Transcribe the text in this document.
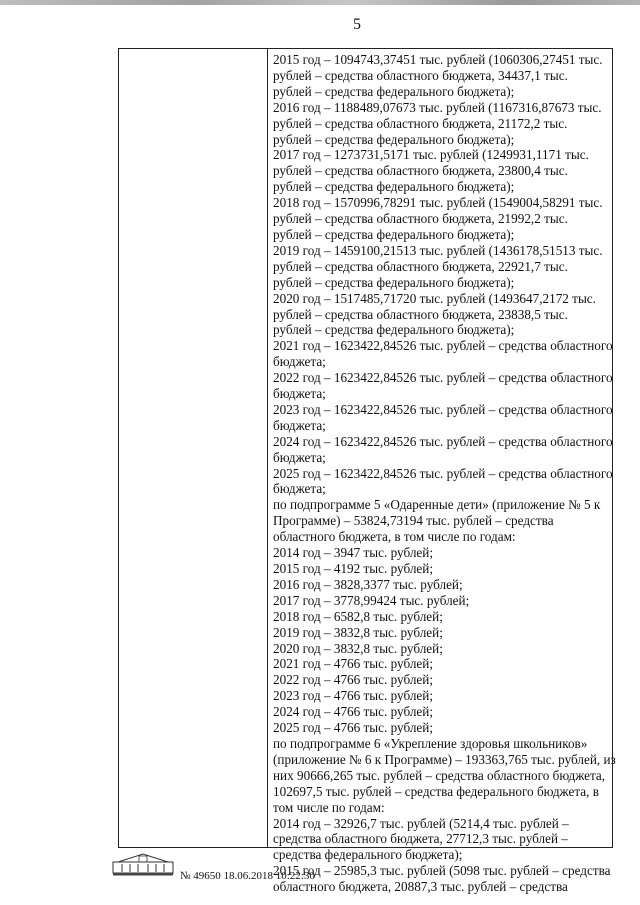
5
2015 год – 1094743,37451 тыс. рублей (1060306,27451 тыс.
рублей – средства областного бюджета, 34437,1 тыс.
рублей – средства федерального бюджета);
2016 год – 1188489,07673 тыс. рублей (1167316,87673 тыс.
рублей – средства областного бюджета, 21172,2 тыс.
рублей – средства федерального бюджета);
2017 год – 1273731,5171 тыс. рублей (1249931,1171 тыс.
рублей – средства областного бюджета, 23800,4 тыс.
рублей – средства федерального бюджета);
2018 год – 1570996,78291 тыс. рублей (1549004,58291 тыс.
рублей – средства областного бюджета, 21992,2 тыс.
рублей – средства федерального бюджета);
2019 год – 1459100,21513 тыс. рублей (1436178,51513 тыс.
рублей – средства областного бюджета, 22921,7 тыс.
рублей – средства федерального бюджета);
2020 год – 1517485,71720 тыс. рублей (1493647,2172 тыс.
рублей – средства областного бюджета, 23838,5 тыс.
рублей – средства федерального бюджета);
2021 год – 1623422,84526 тыс. рублей – средства областного
бюджета;
2022 год – 1623422,84526 тыс. рублей – средства областного
бюджета;
2023 год – 1623422,84526 тыс. рублей – средства областного
бюджета;
2024 год – 1623422,84526 тыс. рублей – средства областного
бюджета;
2025 год – 1623422,84526 тыс. рублей – средства областного
бюджета;
по подпрограмме 5 «Одаренные дети» (приложение № 5 к
Программе) – 53824,73194 тыс. рублей – средства
областного бюджета, в том числе по годам:
2014 год – 3947 тыс. рублей;
2015 год – 4192 тыс. рублей;
2016 год – 3828,3377 тыс. рублей;
2017 год – 3778,99424 тыс. рублей;
2018 год – 6582,8 тыс. рублей;
2019 год – 3832,8 тыс. рублей;
2020 год – 3832,8 тыс. рублей;
2021 год – 4766 тыс. рублей;
2022 год – 4766 тыс. рублей;
2023 год – 4766 тыс. рублей;
2024 год – 4766 тыс. рублей;
2025 год – 4766 тыс. рублей;
по подпрограмме 6 «Укрепление здоровья школьников»
(приложение № 6 к Программе) – 193363,765 тыс. рублей, из
них 90666,265 тыс. рублей – средства областного бюджета,
102697,5 тыс. рублей – средства федерального бюджета, в
том числе по годам:
2014 год – 32926,7 тыс. рублей (5214,4 тыс. рублей –
средства областного бюджета, 27712,3 тыс. рублей –
средства федерального бюджета);
2015 год – 25985,3 тыс. рублей (5098 тыс. рублей – средства
областного бюджета, 20887,3 тыс. рублей – средства
№ 49650 18.06.2018 10:22:30
